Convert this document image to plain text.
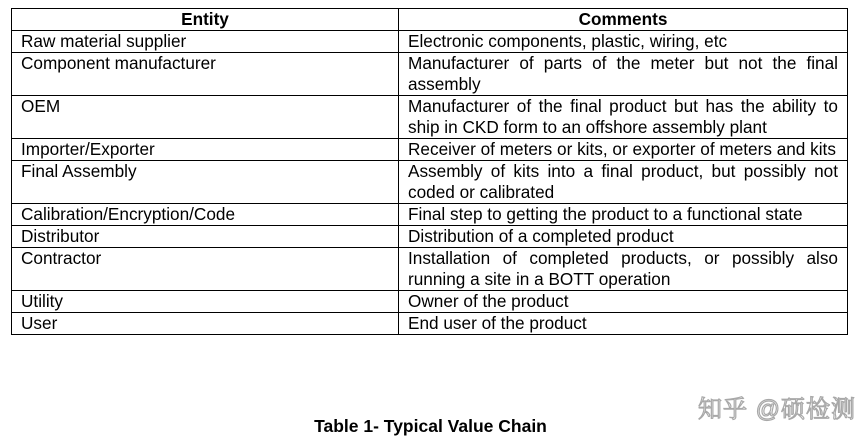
Entity	Comments
Raw material supplier	Electronic components, plastic, wiring, etc
Component manufacturer	Manufacturer of parts of the meter but not the final assembly
OEM	Manufacturer of the final product but has the ability to ship in CKD form to an offshore assembly plant
Importer/Exporter	Receiver of meters or kits, or exporter of meters and kits
Final Assembly	Assembly of kits into a final product, but possibly not coded or calibrated
Calibration/Encryption/Code	Final step to getting the product to a functional state
Distributor	Distribution of a completed product
Contractor	Installation of completed products, or possibly also running a site in a BOTT operation
Utility	Owner of the product
User	End user of the product
知乎 @硕检测
Table 1- Typical Value Chain
